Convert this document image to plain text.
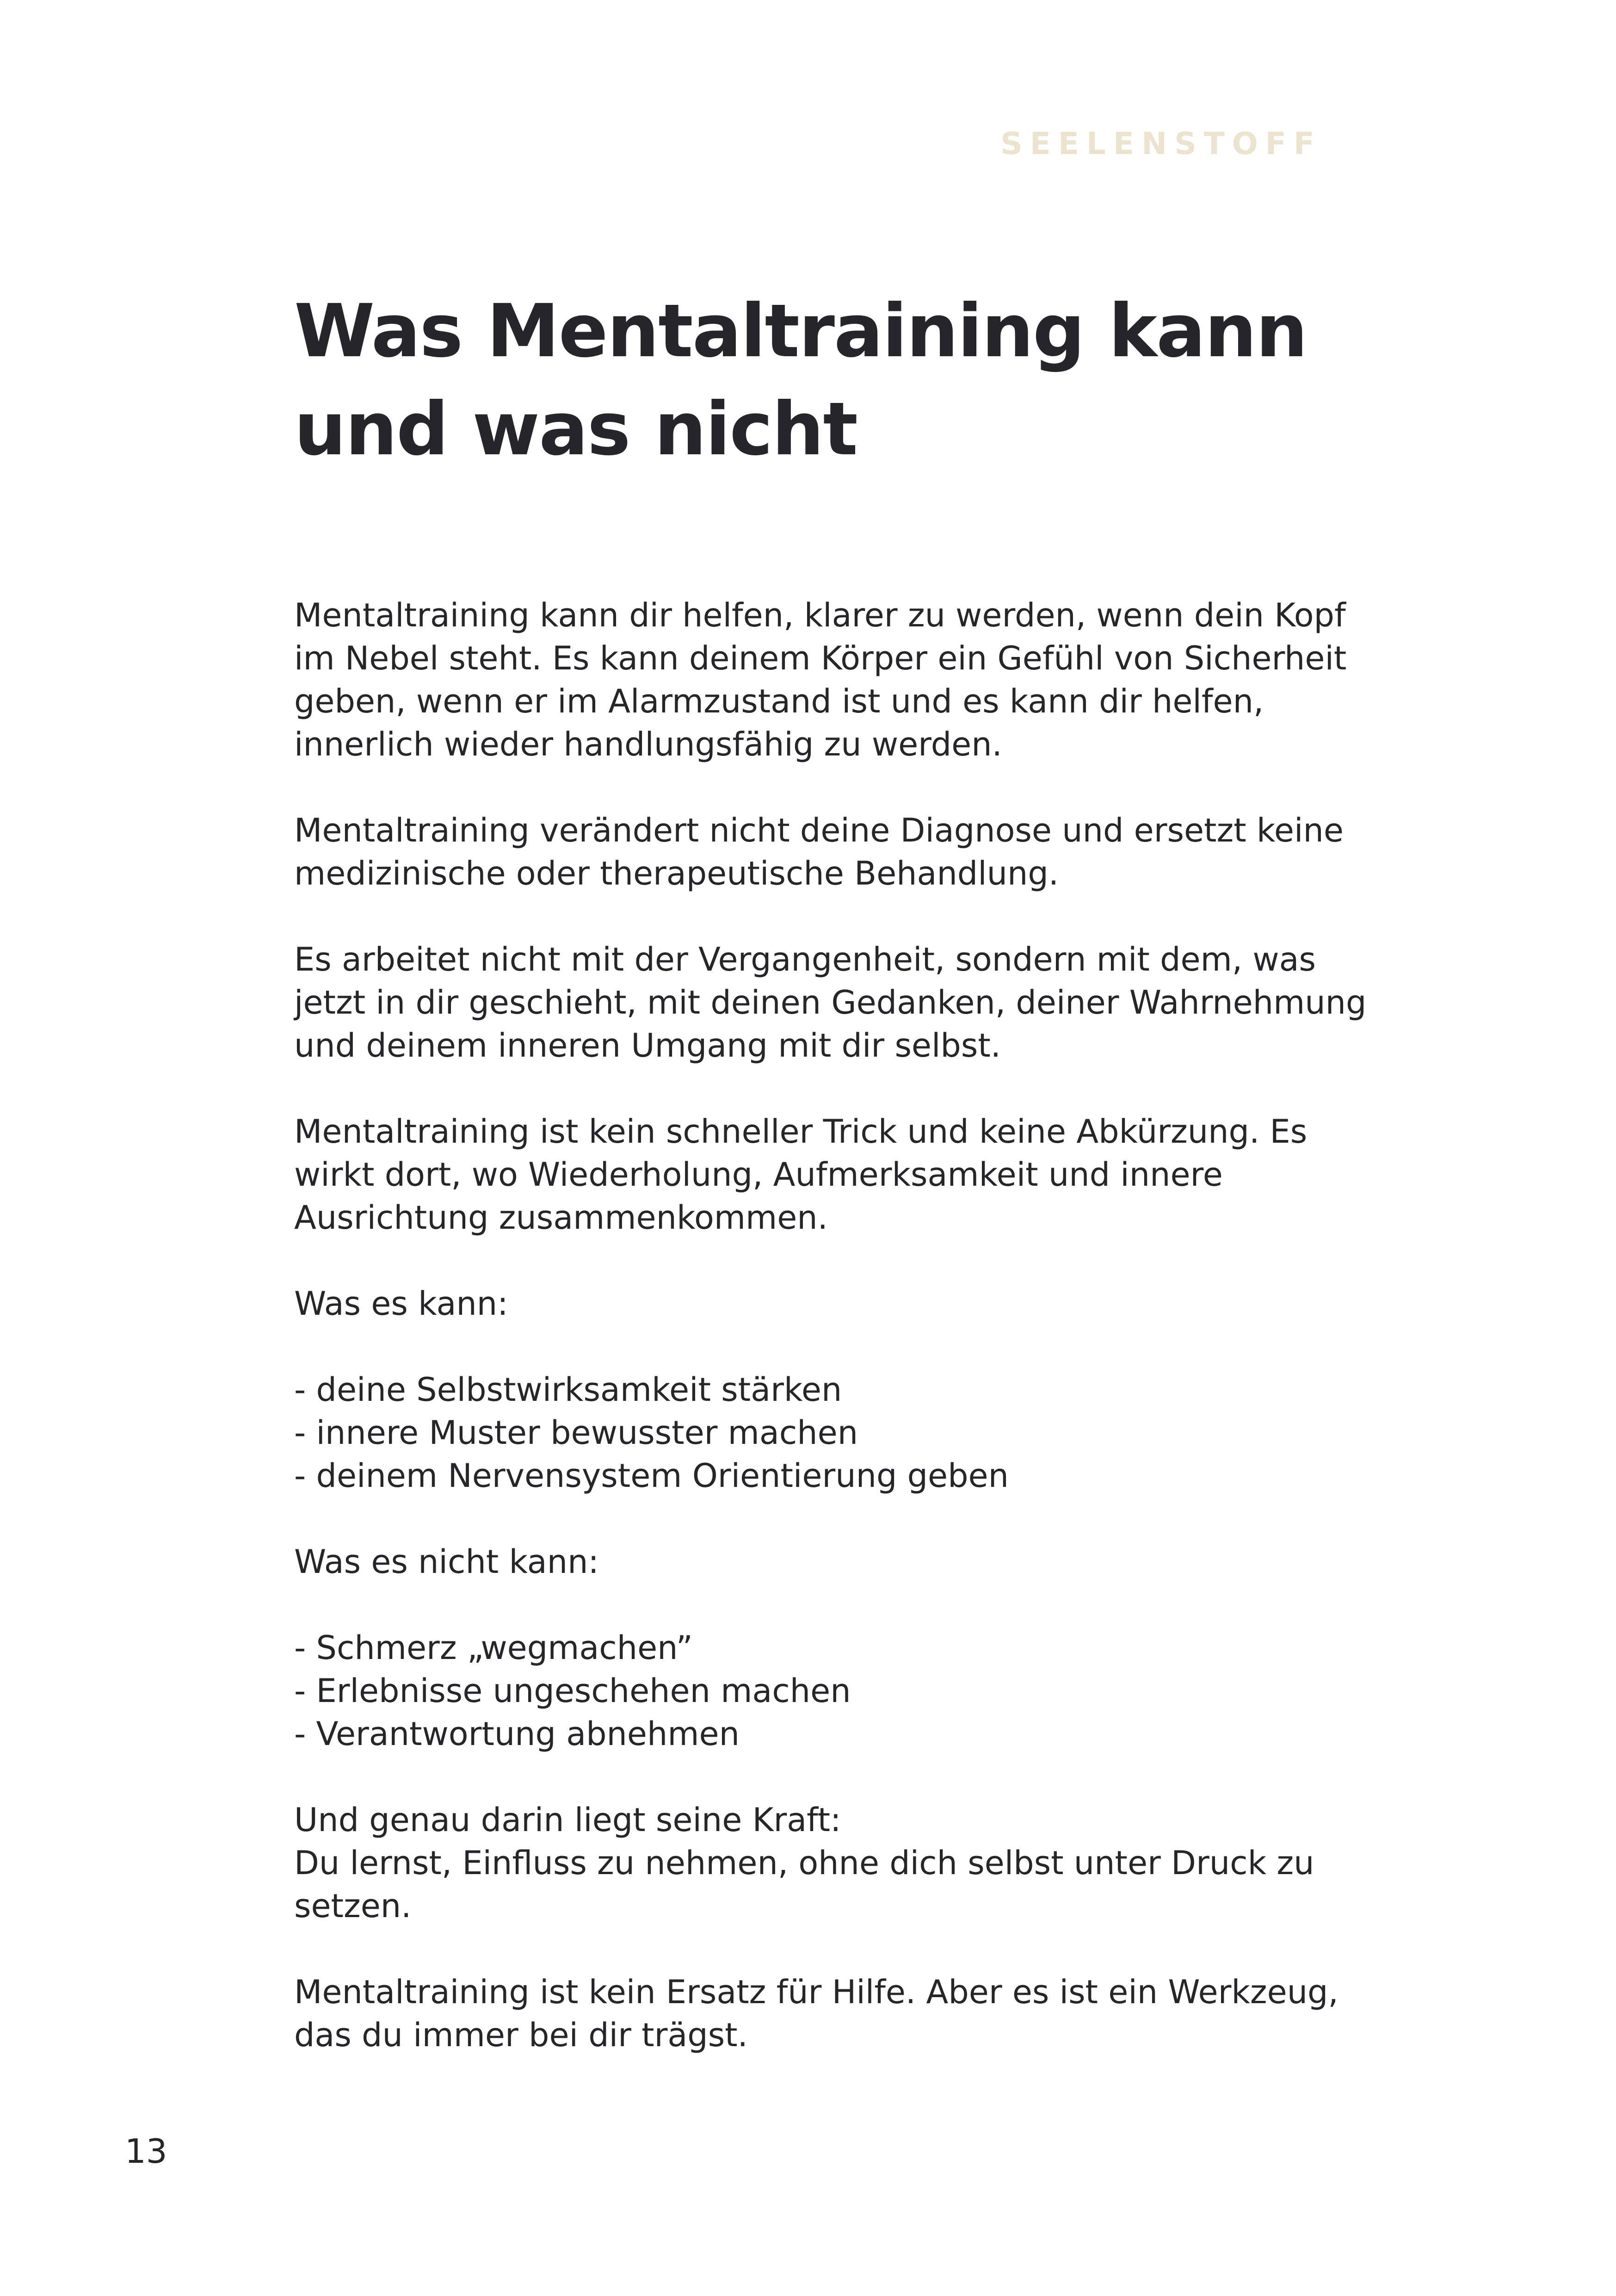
SEELENSTOFF
Was Mentaltraining kann
und was nicht
Mentaltraining kann dir helfen, klarer zu werden, wenn dein Kopf
im Nebel steht. Es kann deinem Körper ein Gefühl von Sicherheit
geben, wenn er im Alarmzustand ist und es kann dir helfen,
innerlich wieder handlungsfähig zu werden.
Mentaltraining verändert nicht deine Diagnose und ersetzt keine
medizinische oder therapeutische Behandlung.
Es arbeitet nicht mit der Vergangenheit, sondern mit dem, was
jetzt in dir geschieht, mit deinen Gedanken, deiner Wahrnehmung
und deinem inneren Umgang mit dir selbst.
Mentaltraining ist kein schneller Trick und keine Abkürzung. Es
wirkt dort, wo Wiederholung, Aufmerksamkeit und innere
Ausrichtung zusammenkommen.
Was es kann:
- deine Selbstwirksamkeit stärken
- innere Muster bewusster machen
- deinem Nervensystem Orientierung geben
Was es nicht kann:
- Schmerz „wegmachen”
- Erlebnisse ungeschehen machen
- Verantwortung abnehmen
Und genau darin liegt seine Kraft:
Du lernst, Einfluss zu nehmen, ohne dich selbst unter Druck zu
setzen.
Mentaltraining ist kein Ersatz für Hilfe. Aber es ist ein Werkzeug,
das du immer bei dir trägst.
13
